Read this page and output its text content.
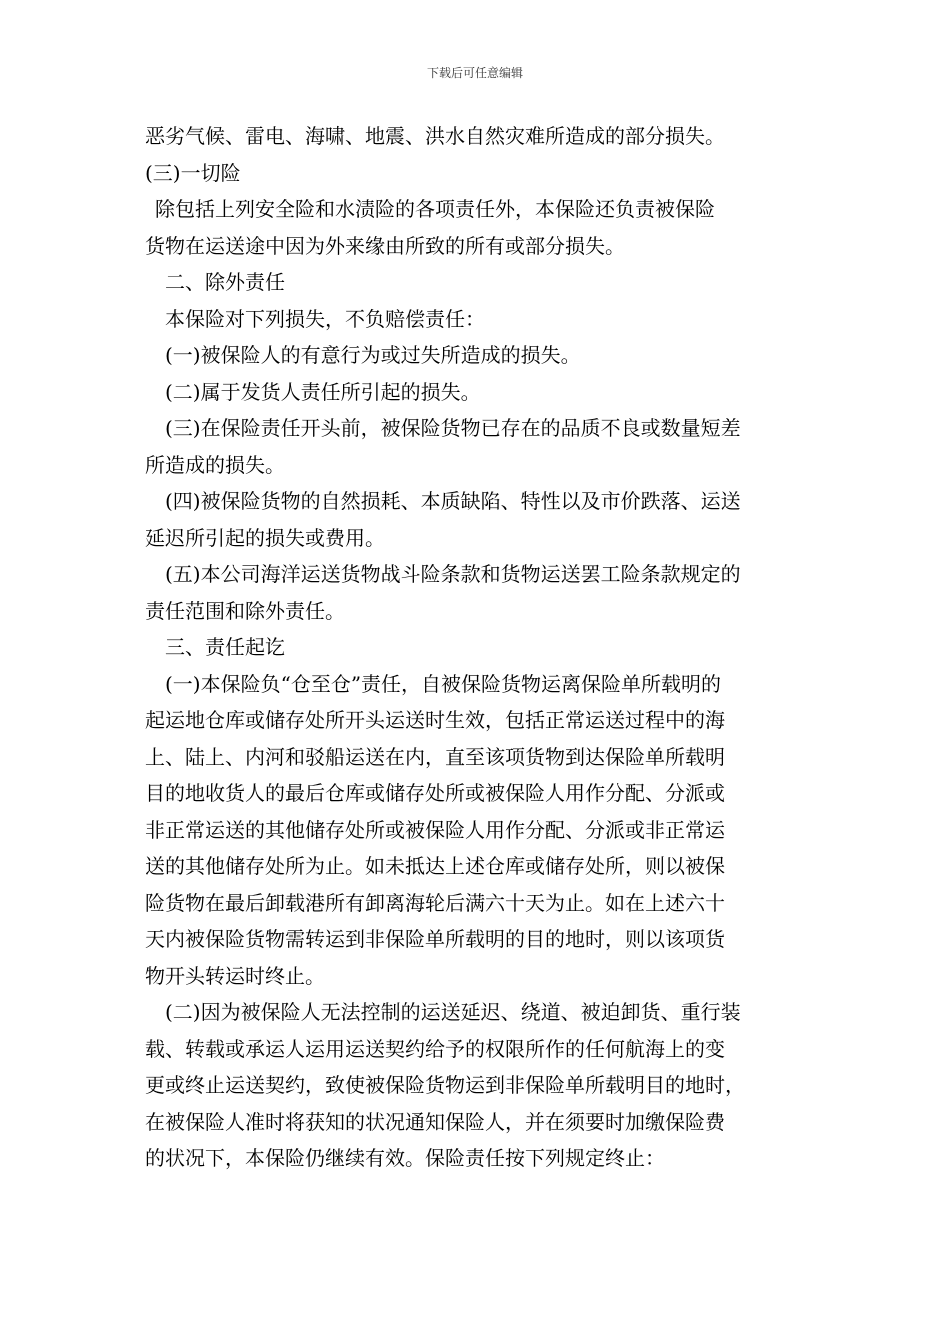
下载后可任意编辑
恶劣气候、雷电、海啸、地震、洪水自然灾难所造成的部分损失。
(三)一切险
除包括上列安全险和水渍险的各项责任外，本保险还负责被保险
货物在运送途中因为外来缘由所致的所有或部分损失。
二、除外责任
本保险对下列损失，不负赔偿责任：
(一)被保险人的有意行为或过失所造成的损失。
(二)属于发货人责任所引起的损失。
(三)在保险责任开头前，被保险货物已存在的品质不良或数量短差
所造成的损失。
(四)被保险货物的自然损耗、本质缺陷、特性以及市价跌落、运送
延迟所引起的损失或费用。
(五)本公司海洋运送货物战斗险条款和货物运送罢工险条款规定的
责任范围和除外责任。
三、责任起讫
(一)本保险负“仓至仓”责任，自被保险货物运离保险单所载明的
起运地仓库或储存处所开头运送时生效，包括正常运送过程中的海
上、陆上、内河和驳船运送在内，直至该项货物到达保险单所载明
目的地收货人的最后仓库或储存处所或被保险人用作分配、分派或
非正常运送的其他储存处所或被保险人用作分配、分派或非正常运
送的其他储存处所为止。如未抵达上述仓库或储存处所，则以被保
险货物在最后卸载港所有卸离海轮后满六十天为止。如在上述六十
天内被保险货物需转运到非保险单所载明的目的地时，则以该项货
物开头转运时终止。
(二)因为被保险人无法控制的运送延迟、绕道、被迫卸货、重行装
载、转载或承运人运用运送契约给予的权限所作的任何航海上的变
更或终止运送契约，致使被保险货物运到非保险单所载明目的地时，
在被保险人准时将获知的状况通知保险人，并在须要时加缴保险费
的状况下，本保险仍继续有效。保险责任按下列规定终止：
